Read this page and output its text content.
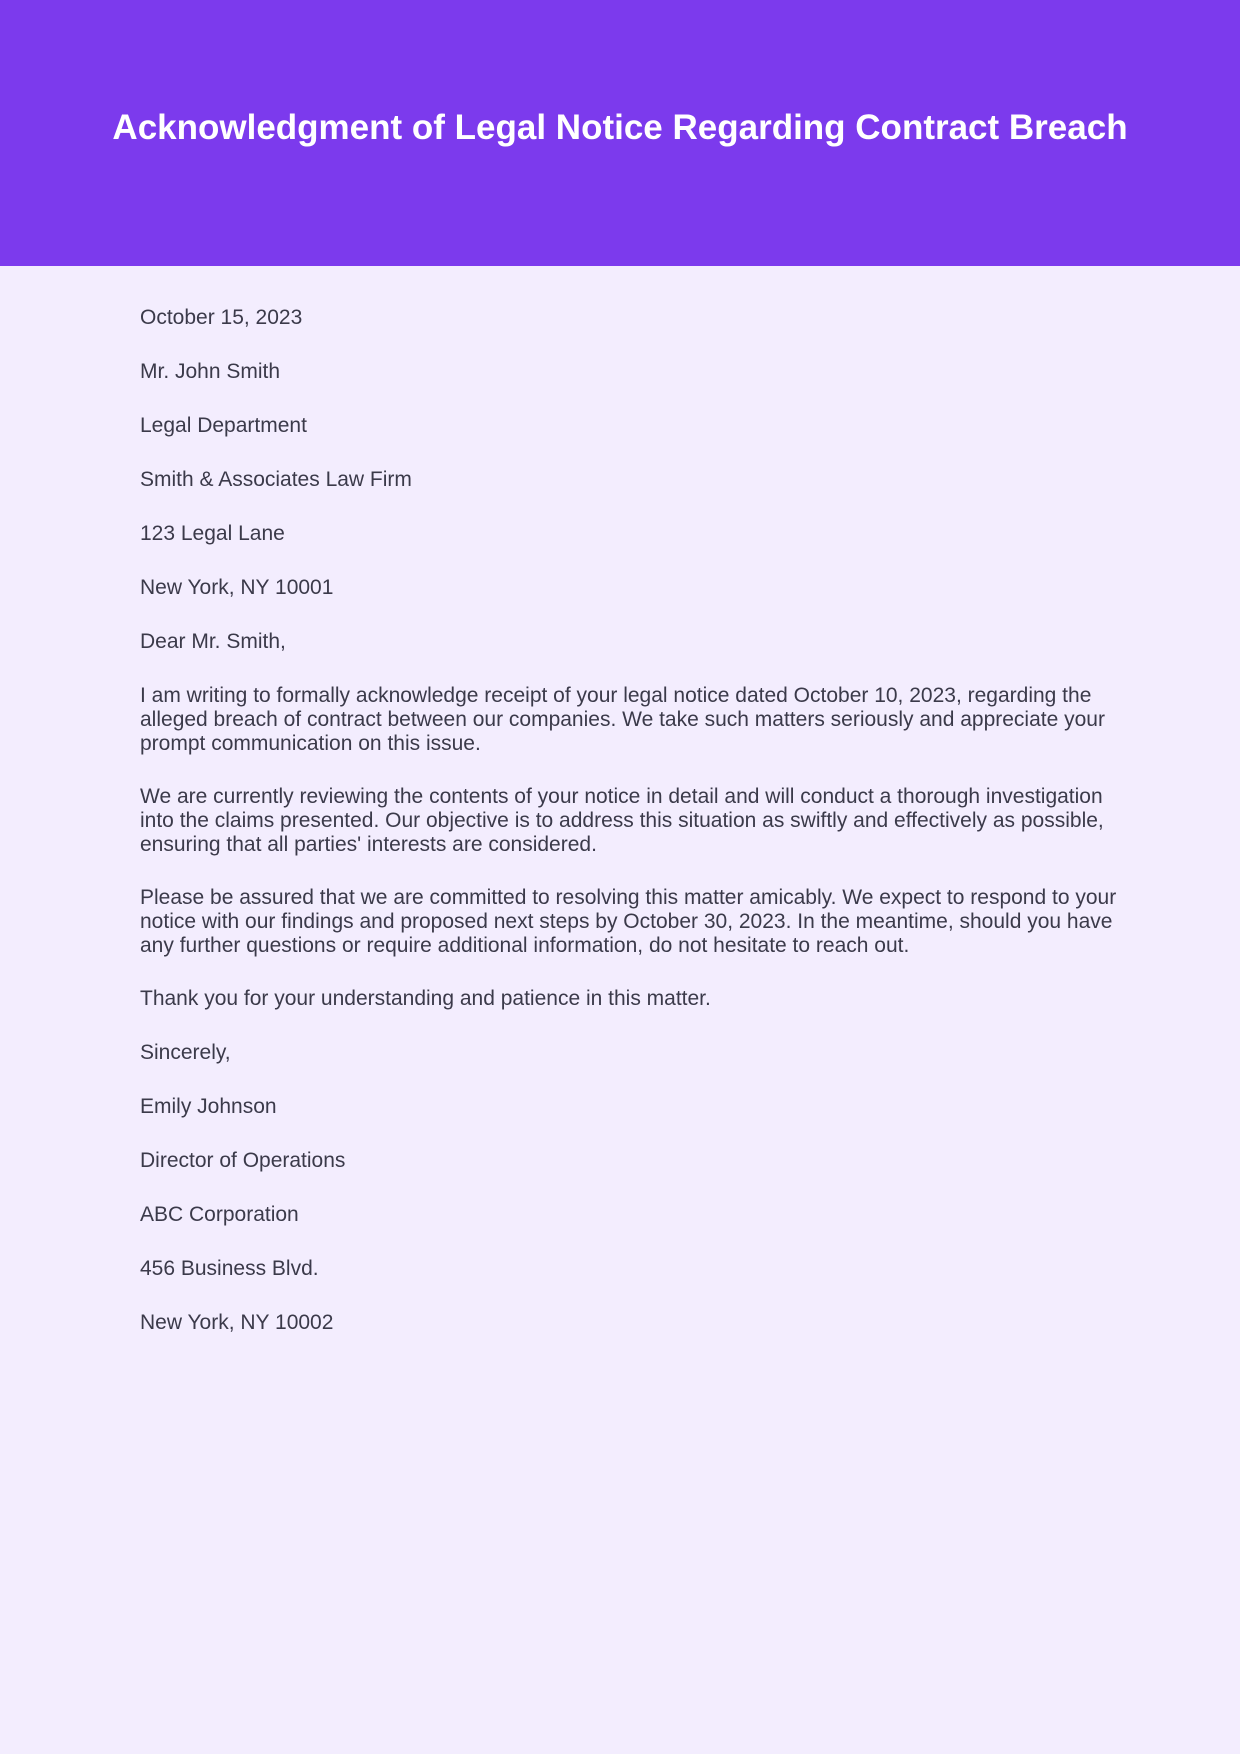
Acknowledgment of Legal Notice Regarding Contract Breach

October 15, 2023

Mr. John Smith

Legal Department

Smith & Associates Law Firm

123 Legal Lane

New York, NY 10001

Dear Mr. Smith,

I am writing to formally acknowledge receipt of your legal notice dated October 10, 2023, regarding the alleged breach of contract between our companies. We take such matters seriously and appreciate your prompt communication on this issue.

We are currently reviewing the contents of your notice in detail and will conduct a thorough investigation into the claims presented. Our objective is to address this situation as swiftly and effectively as possible, ensuring that all parties' interests are considered.

Please be assured that we are committed to resolving this matter amicably. We expect to respond to your notice with our findings and proposed next steps by October 30, 2023. In the meantime, should you have any further questions or require additional information, do not hesitate to reach out.

Thank you for your understanding and patience in this matter.

Sincerely,

Emily Johnson

Director of Operations

ABC Corporation

456 Business Blvd.

New York, NY 10002
